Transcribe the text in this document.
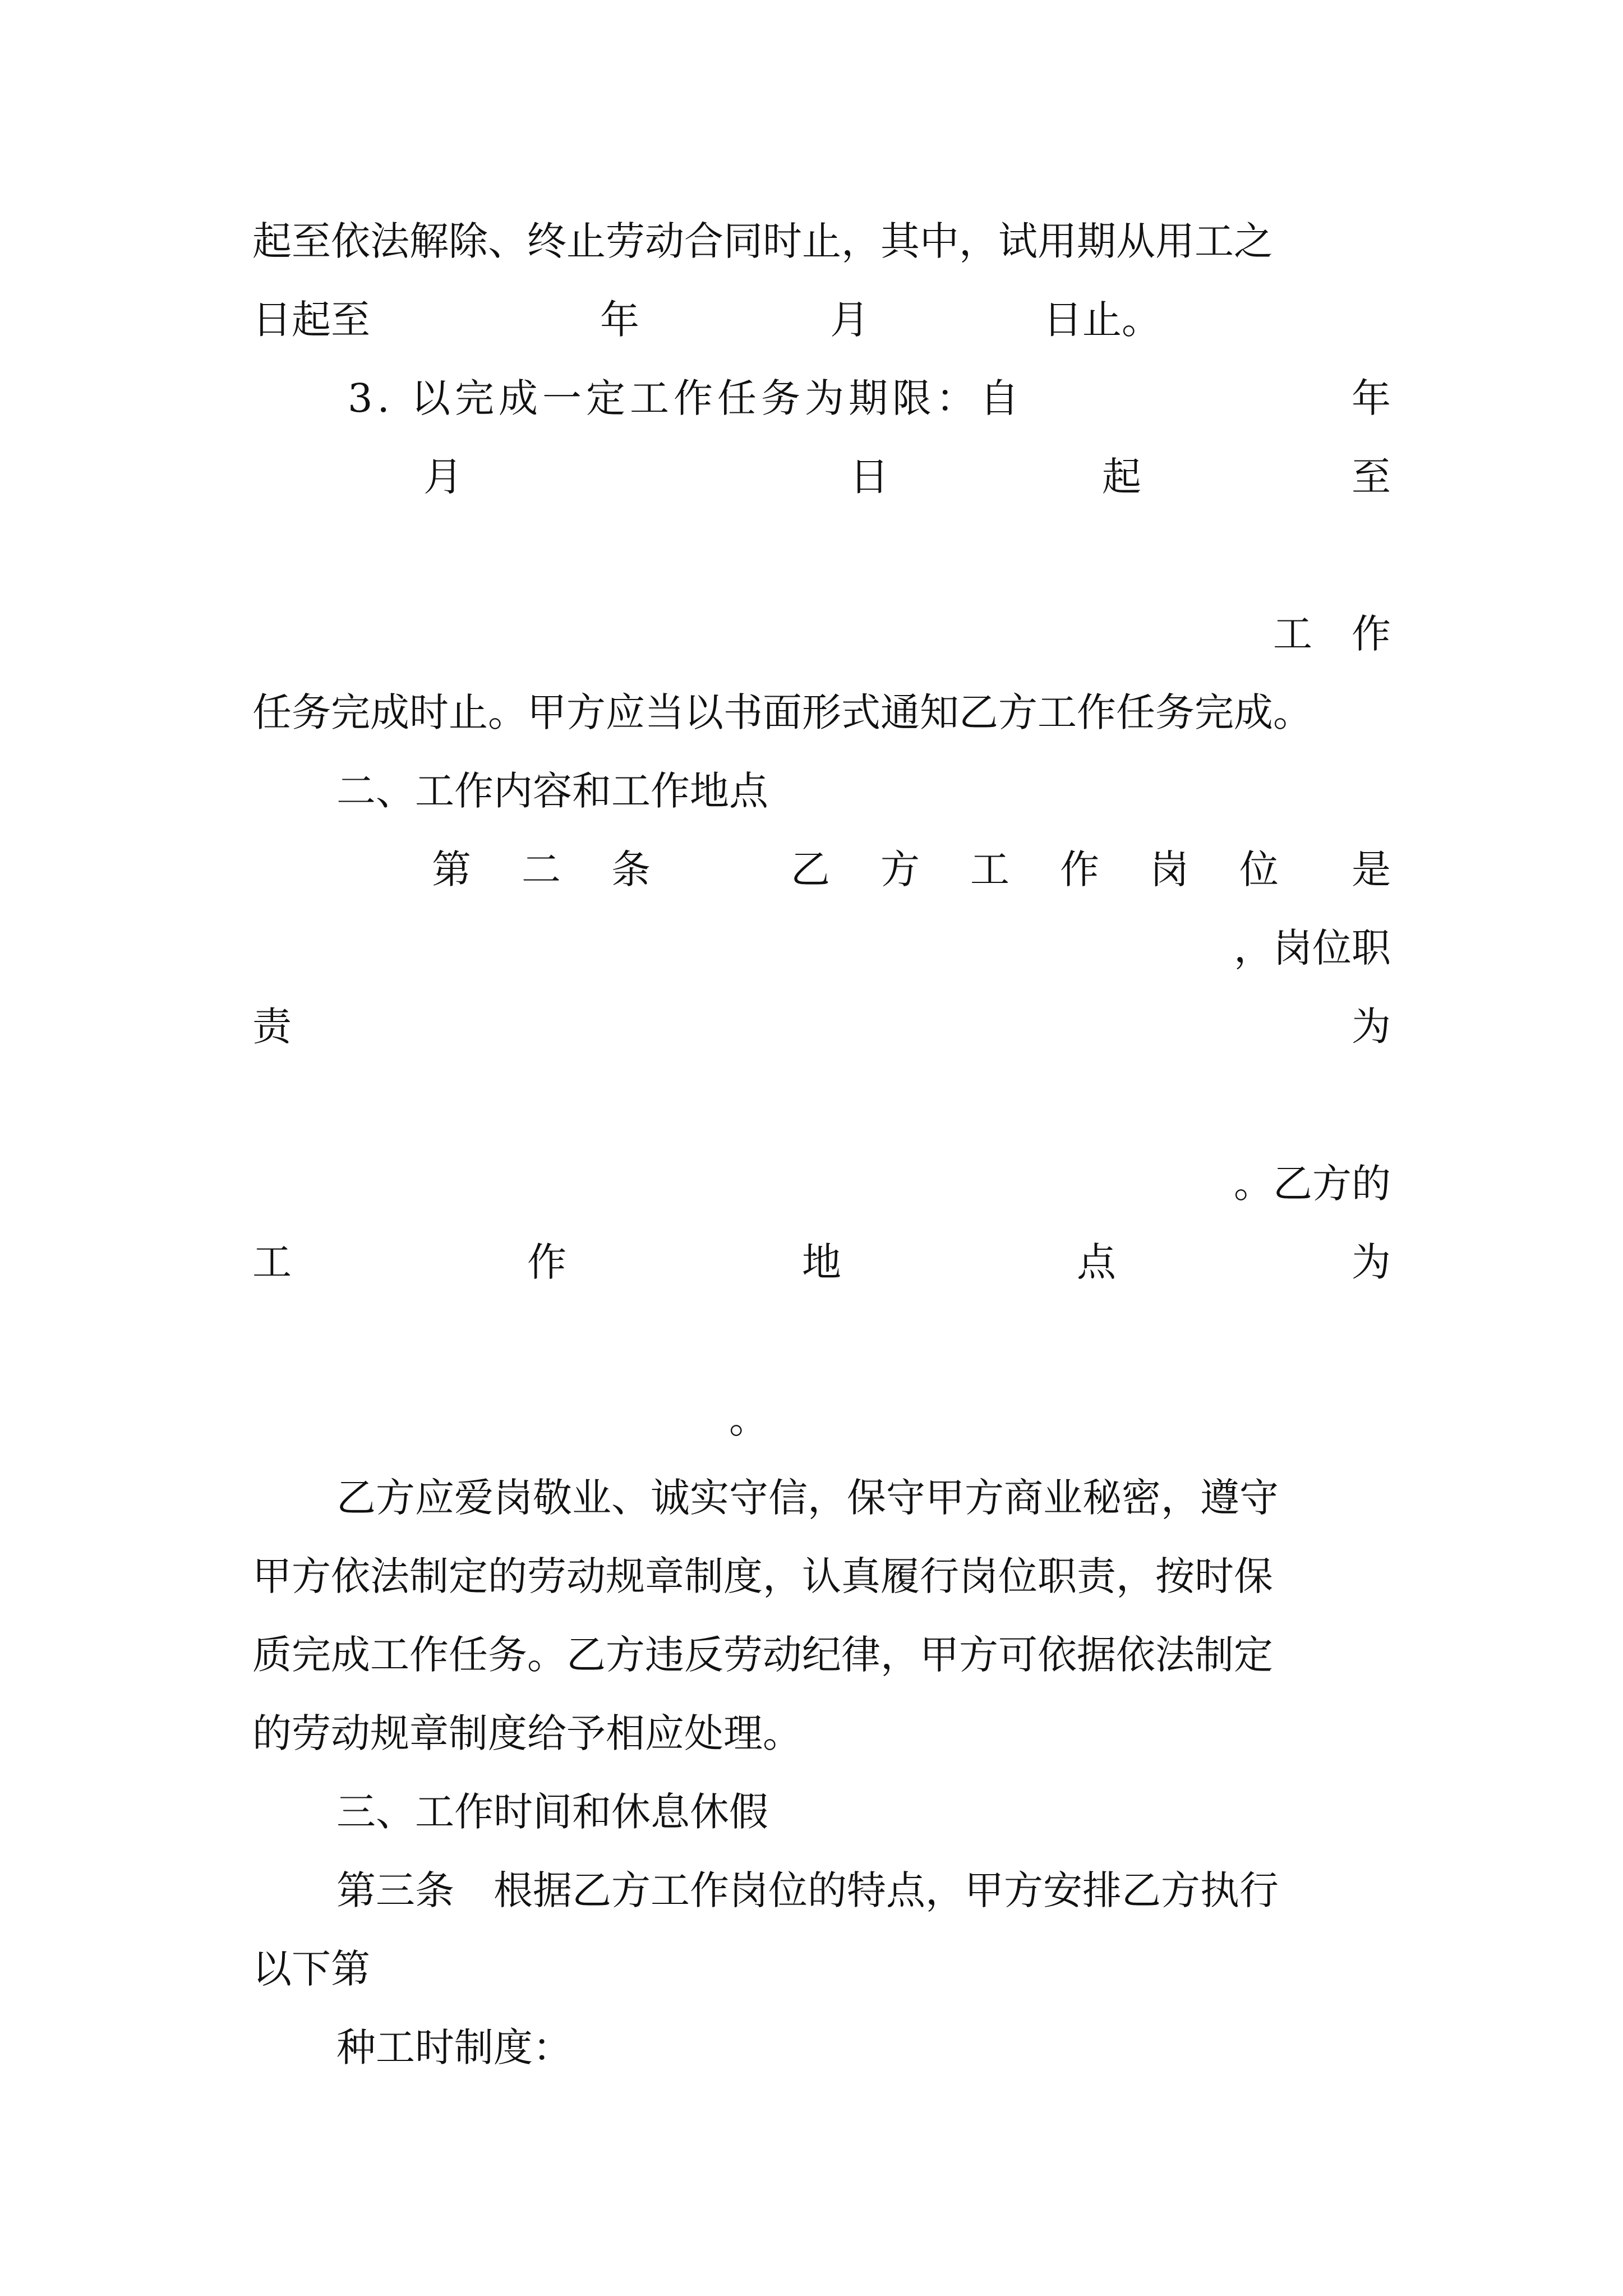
起至依法解除、终止劳动合同时止，其中，试用期从用工之
日起至	年	月	日止。
3. 以完成一定工作任务为期限：自	年
月	日	起	至
工　作
任务完成时止。甲方应当以书面形式通知乙方工作任务完成。
二、工作内容和工作地点
第 二 条	乙 方 工 作 岗 位 是
，岗位职
责	为
。乙方的
工	作	地	点	为
。
乙方应爱岗敬业、诚实守信，保守甲方商业秘密，遵守
甲方依法制定的劳动规章制度，认真履行岗位职责，按时保
质完成工作任务。乙方违反劳动纪律，甲方可依据依法制定
的劳动规章制度给予相应处理。
三、工作时间和休息休假
第三条　根据乙方工作岗位的特点，甲方安排乙方执行
以下第
种工时制度：
